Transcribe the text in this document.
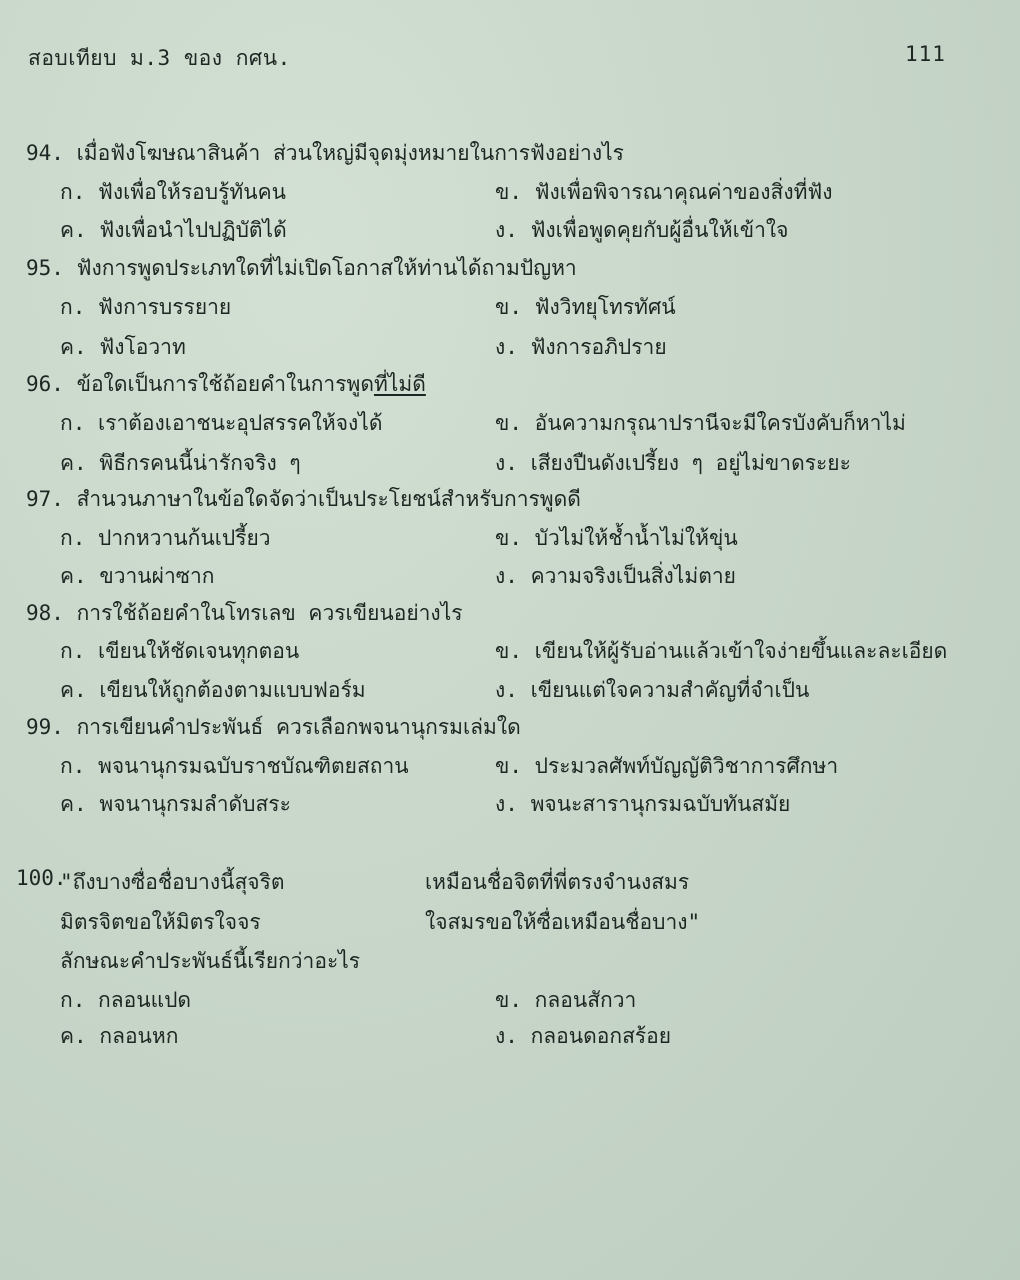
สอบเทียบ ม.3 ของ กศน.	111
94. เมื่อฟังโฆษณาสินค้า ส่วนใหญ่มีจุดมุ่งหมายในการฟังอย่างไร
ก. ฟังเพื่อให้รอบรู้ทันคน	ข. ฟังเพื่อพิจารณาคุณค่าของสิ่งที่ฟัง
ค. ฟังเพื่อนำไปปฏิบัติได้	ง. ฟังเพื่อพูดคุยกับผู้อื่นให้เข้าใจ
95. ฟังการพูดประเภทใดที่ไม่เปิดโอกาสให้ท่านได้ถามปัญหา
ก. ฟังการบรรยาย	ข. ฟังวิทยุโทรทัศน์
ค. ฟังโอวาท	ง. ฟังการอภิปราย
96. ข้อใดเป็นการใช้ถ้อยคำในการพูดที่ไม่ดี
ก. เราต้องเอาชนะอุปสรรคให้จงได้	ข. อันความกรุณาปรานีจะมีใครบังคับก็หาไม่
ค. พิธีกรคนนี้น่ารักจริง ๆ	ง. เสียงปืนดังเปรี้ยง ๆ อยู่ไม่ขาดระยะ
97. สำนวนภาษาในข้อใดจัดว่าเป็นประโยชน์สำหรับการพูดดี
ก. ปากหวานก้นเปรี้ยว	ข. บัวไม่ให้ช้ำน้ำไม่ให้ขุ่น
ค. ขวานผ่าซาก	ง. ความจริงเป็นสิ่งไม่ตาย
98. การใช้ถ้อยคำในโทรเลข ควรเขียนอย่างไร
ก. เขียนให้ชัดเจนทุกตอน	ข. เขียนให้ผู้รับอ่านแล้วเข้าใจง่ายขึ้นและละเอียด
ค. เขียนให้ถูกต้องตามแบบฟอร์ม	ง. เขียนแต่ใจความสำคัญที่จำเป็น
99. การเขียนคำประพันธ์ ควรเลือกพจนานุกรมเล่มใด
ก. พจนานุกรมฉบับราชบัณฑิตยสถาน	ข. ประมวลศัพท์บัญญัติวิชาการศึกษา
ค. พจนานุกรมลำดับสระ	ง. พจนะสารานุกรมฉบับทันสมัย
100.
"ถึงบางซื่อชื่อบางนี้สุจริต	เหมือนชื่อจิตที่พี่ตรงจำนงสมร
มิตรจิตขอให้มิตรใจจร	ใจสมรขอให้ซื่อเหมือนชื่อบาง"
ลักษณะคำประพันธ์นี้เรียกว่าอะไร
ก. กลอนแปด	ข. กลอนสักวา
ค. กลอนหก	ง. กลอนดอกสร้อย
